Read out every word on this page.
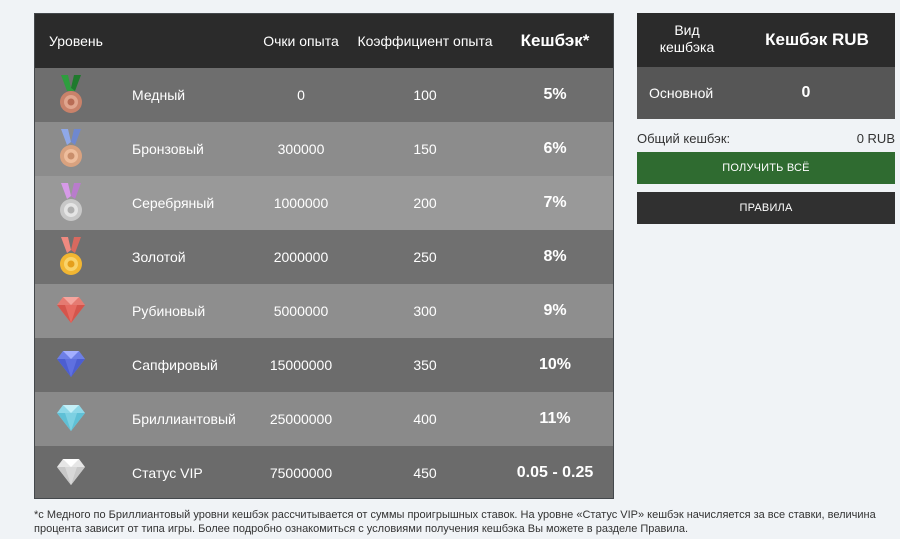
Уровень	Очки опыта	Коэффициент опыта	Кешбэк*
Медный	0	100	5%
Бронзовый	300000	150	6%
Серебряный	1000000	200	7%
Золотой	2000000	250	8%
Рубиновый	5000000	300	9%
Сапфировый	15000000	350	10%
Бриллиантовый	25000000	400	11%
Статус VIP	75000000	450	0.05 - 0.25
Вид кешбэка	Кешбэк RUB
Основной	0
Общий кешбэк:	0 RUB
ПОЛУЧИТЬ ВСЁ
ПРАВИЛА
*с Медного по Бриллиантовый уровни кешбэк рассчитывается от суммы проигрышных ставок. На уровне «Статус VIP» кешбэк начисляется за все ставки, величина процента зависит от типа игры. Более подробно ознакомиться с условиями получения кешбэка Вы можете в разделе Правила.
